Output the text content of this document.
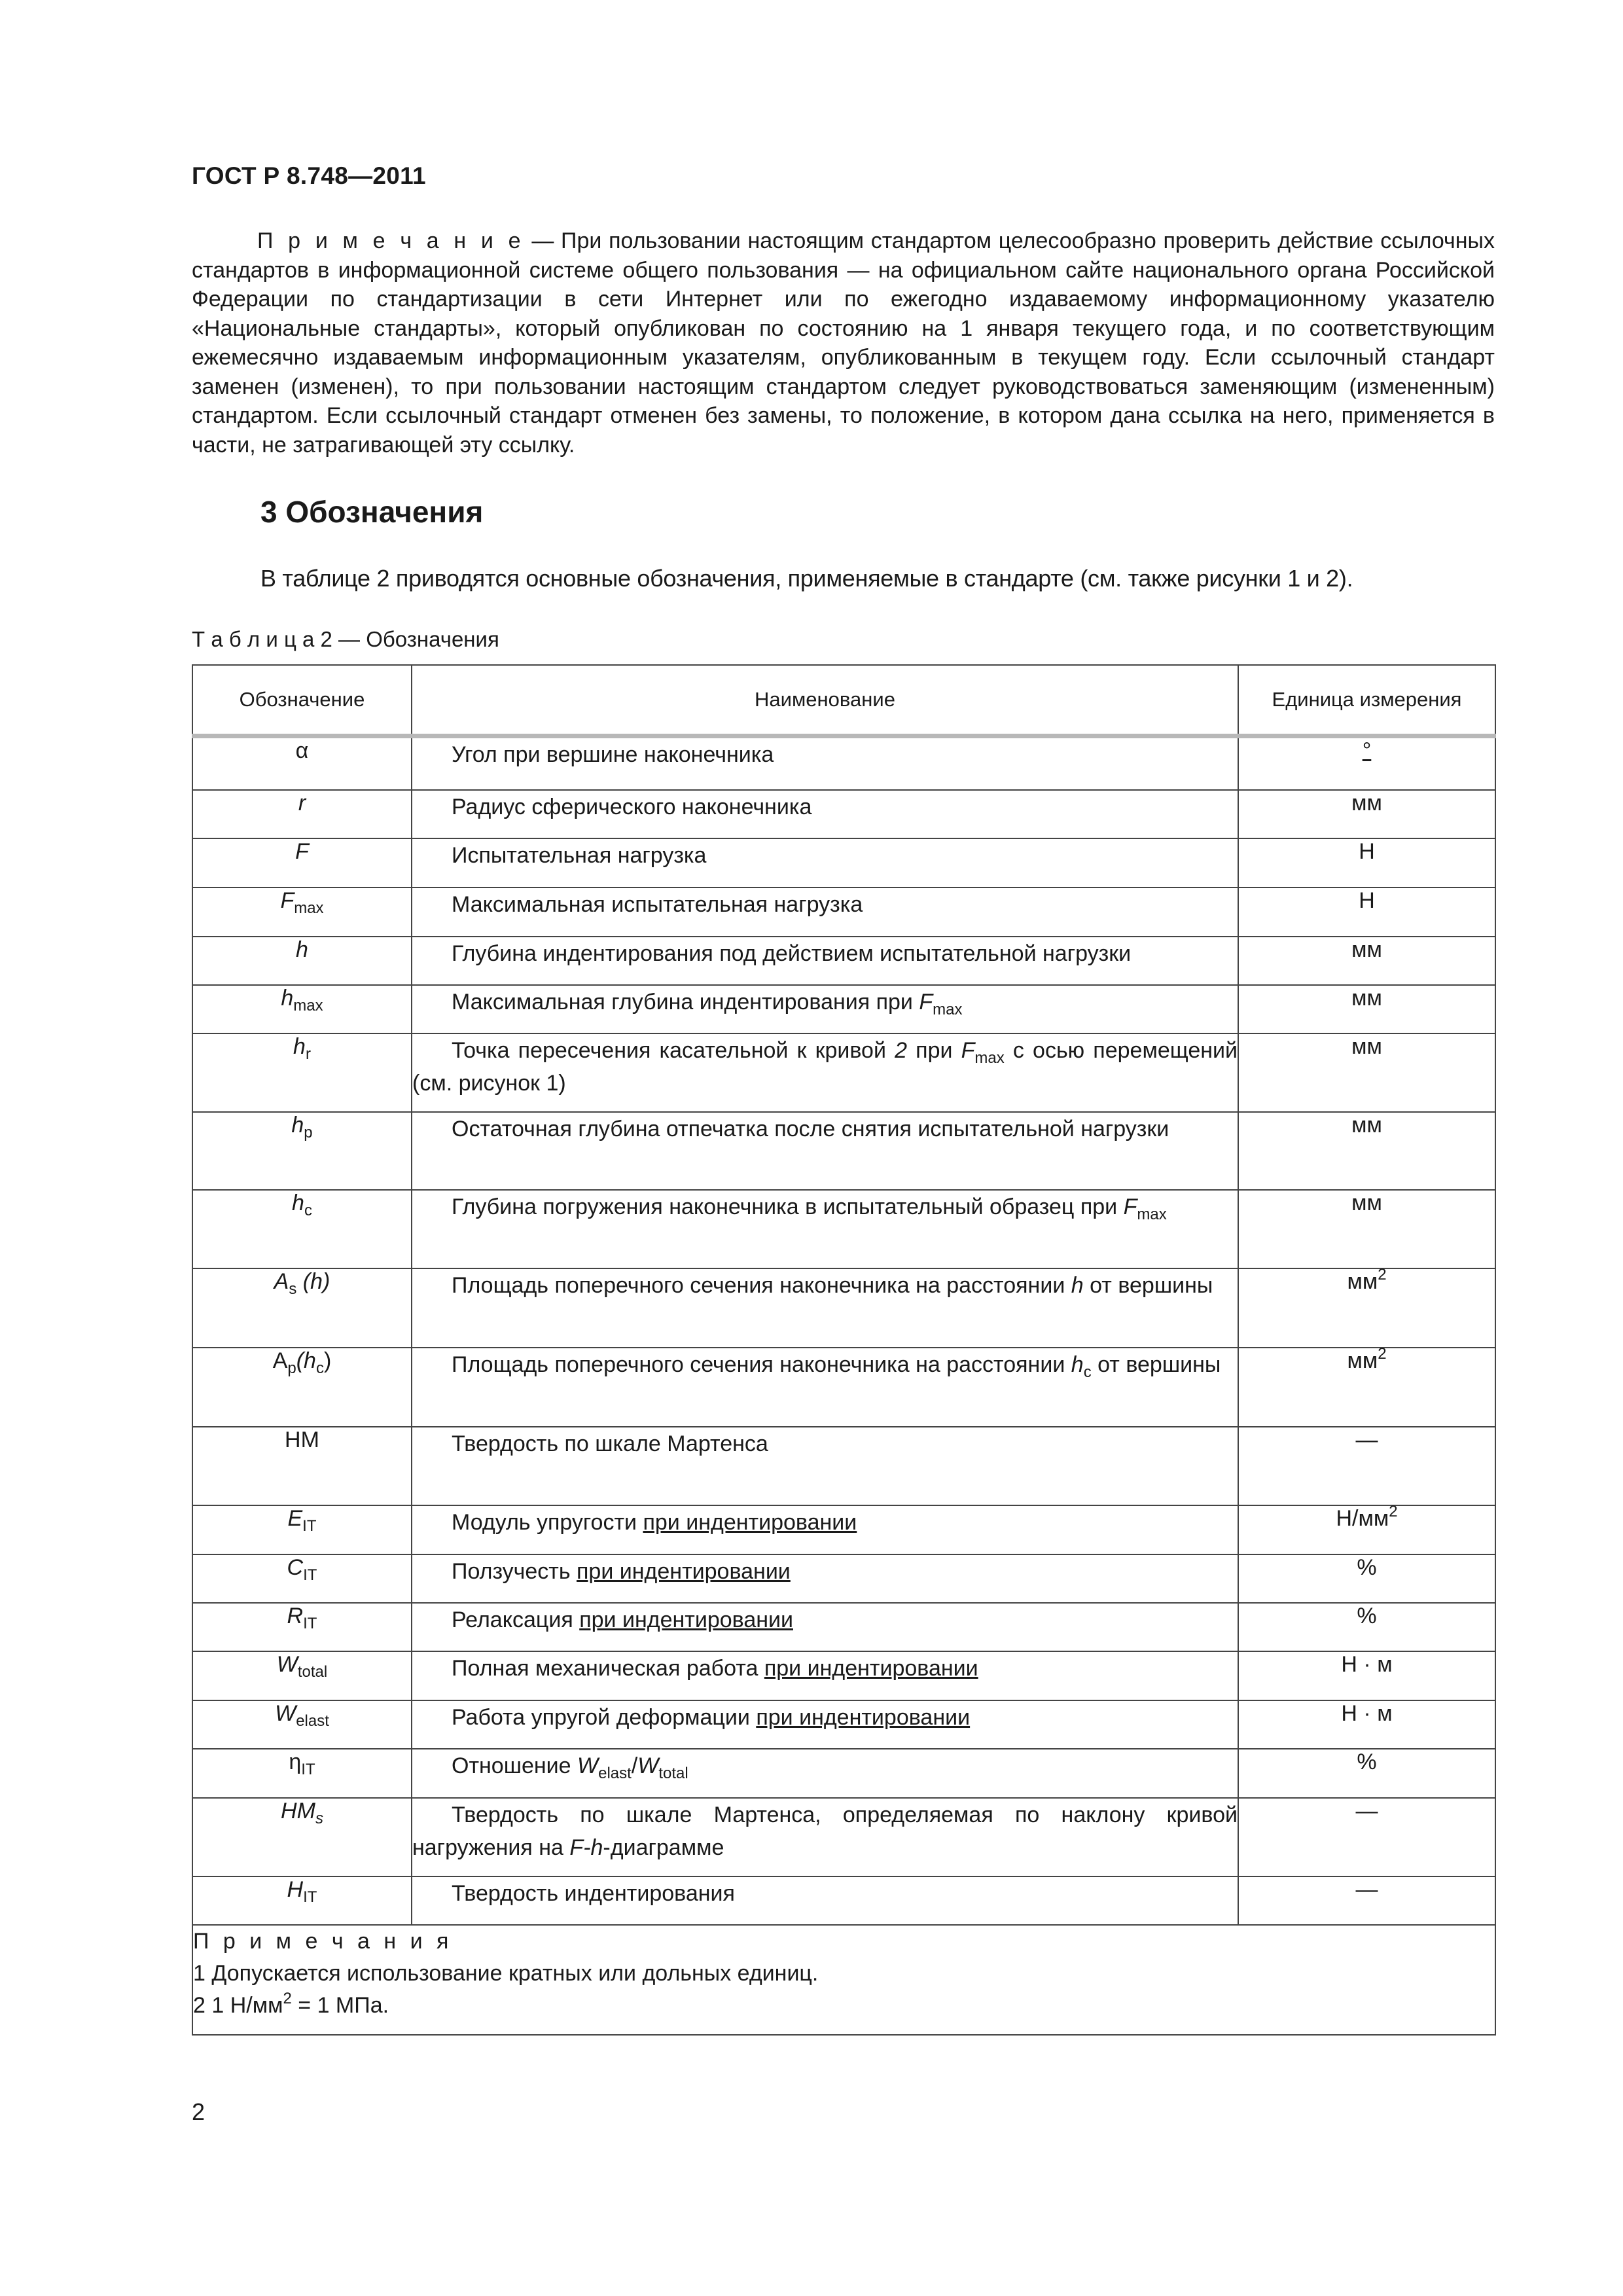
ГОСТ Р 8.748—2011
П р и м е ч а н и е — При пользовании настоящим стандартом целесообразно проверить действие ссылочных стандартов в информационной системе общего пользования — на официальном сайте национального органа Российской Федерации по стандартизации в сети Интернет или по ежегодно издаваемому информационному указателю «Национальные стандарты», который опубликован по состоянию на 1 января текущего года, и по соответствующим ежемесячно издаваемым информационным указателям, опубликованным в текущем году. Если ссылочный стандарт заменен (изменен), то при пользовании настоящим стандартом следует руководствоваться заменяющим (измененным) стандартом. Если ссылочный стандарт отменен без замены, то положение, в котором дана ссылка на него, применяется в части, не затрагивающей эту ссылку.
3 Обозначения
В таблице 2 приводятся основные обозначения, применяемые в стандарте (см. также рисунки 1 и 2).
Т а б л и ц а 2 — Обозначения
Обозначение	Наименование	Единица измерения
α	Угол при вершине наконечника	°
r	Радиус сферического наконечника	мм
F	Испытательная нагрузка	Н
$F_{max}$	Максимальная испытательная нагрузка	Н
h	Глубина индентирования под действием испытательной нагрузки	мм
$h_{max}$	Максимальная глубина индентирования при $F_{max}$	мм
$h_r$	Точка пересечения касательной к кривой 2 при $F_{max}$ с осью перемещений (см. рисунок 1)	мм
$h_p$	Остаточная глубина отпечатка после снятия испытательной нагрузки	мм
$h_c$	Глубина погружения наконечника в испытательный образец при $F_{max}$	мм
$A_s$ (h)	Площадь поперечного сечения наконечника на расстоянии h от вершины	$мм^2$
$A_p(h_c)$	Площадь поперечного сечения наконечника на расстоянии $h_c$ от вершины	$мм^2$
HM	Твердость по шкале Мартенса	—
$E_{IT}$	Модуль упругости при индентировании	$Н/мм^2$
$C_{IT}$	Ползучесть при индентировании	%
$R_{IT}$	Релаксация при индентировании	%
$W_{total}$	Полная механическая работа при индентировании	Н · м
$W_{elast}$	Работа упругой деформации при индентировании	Н · м
$\eta_{IT}$	Отношение $W_{elast}/W_{total}$	%
$HM_s$	Твердость по шкале Мартенса, определяемая по наклону кривой нагружения на F-h-диаграмме	—
$H_{IT}$	Твердость индентирования	—

П р и м е ч а н и я
1 Допускается использование кратных или дольных единиц.
2 1 $Н/мм^2 = 1$ МПа.		
2
